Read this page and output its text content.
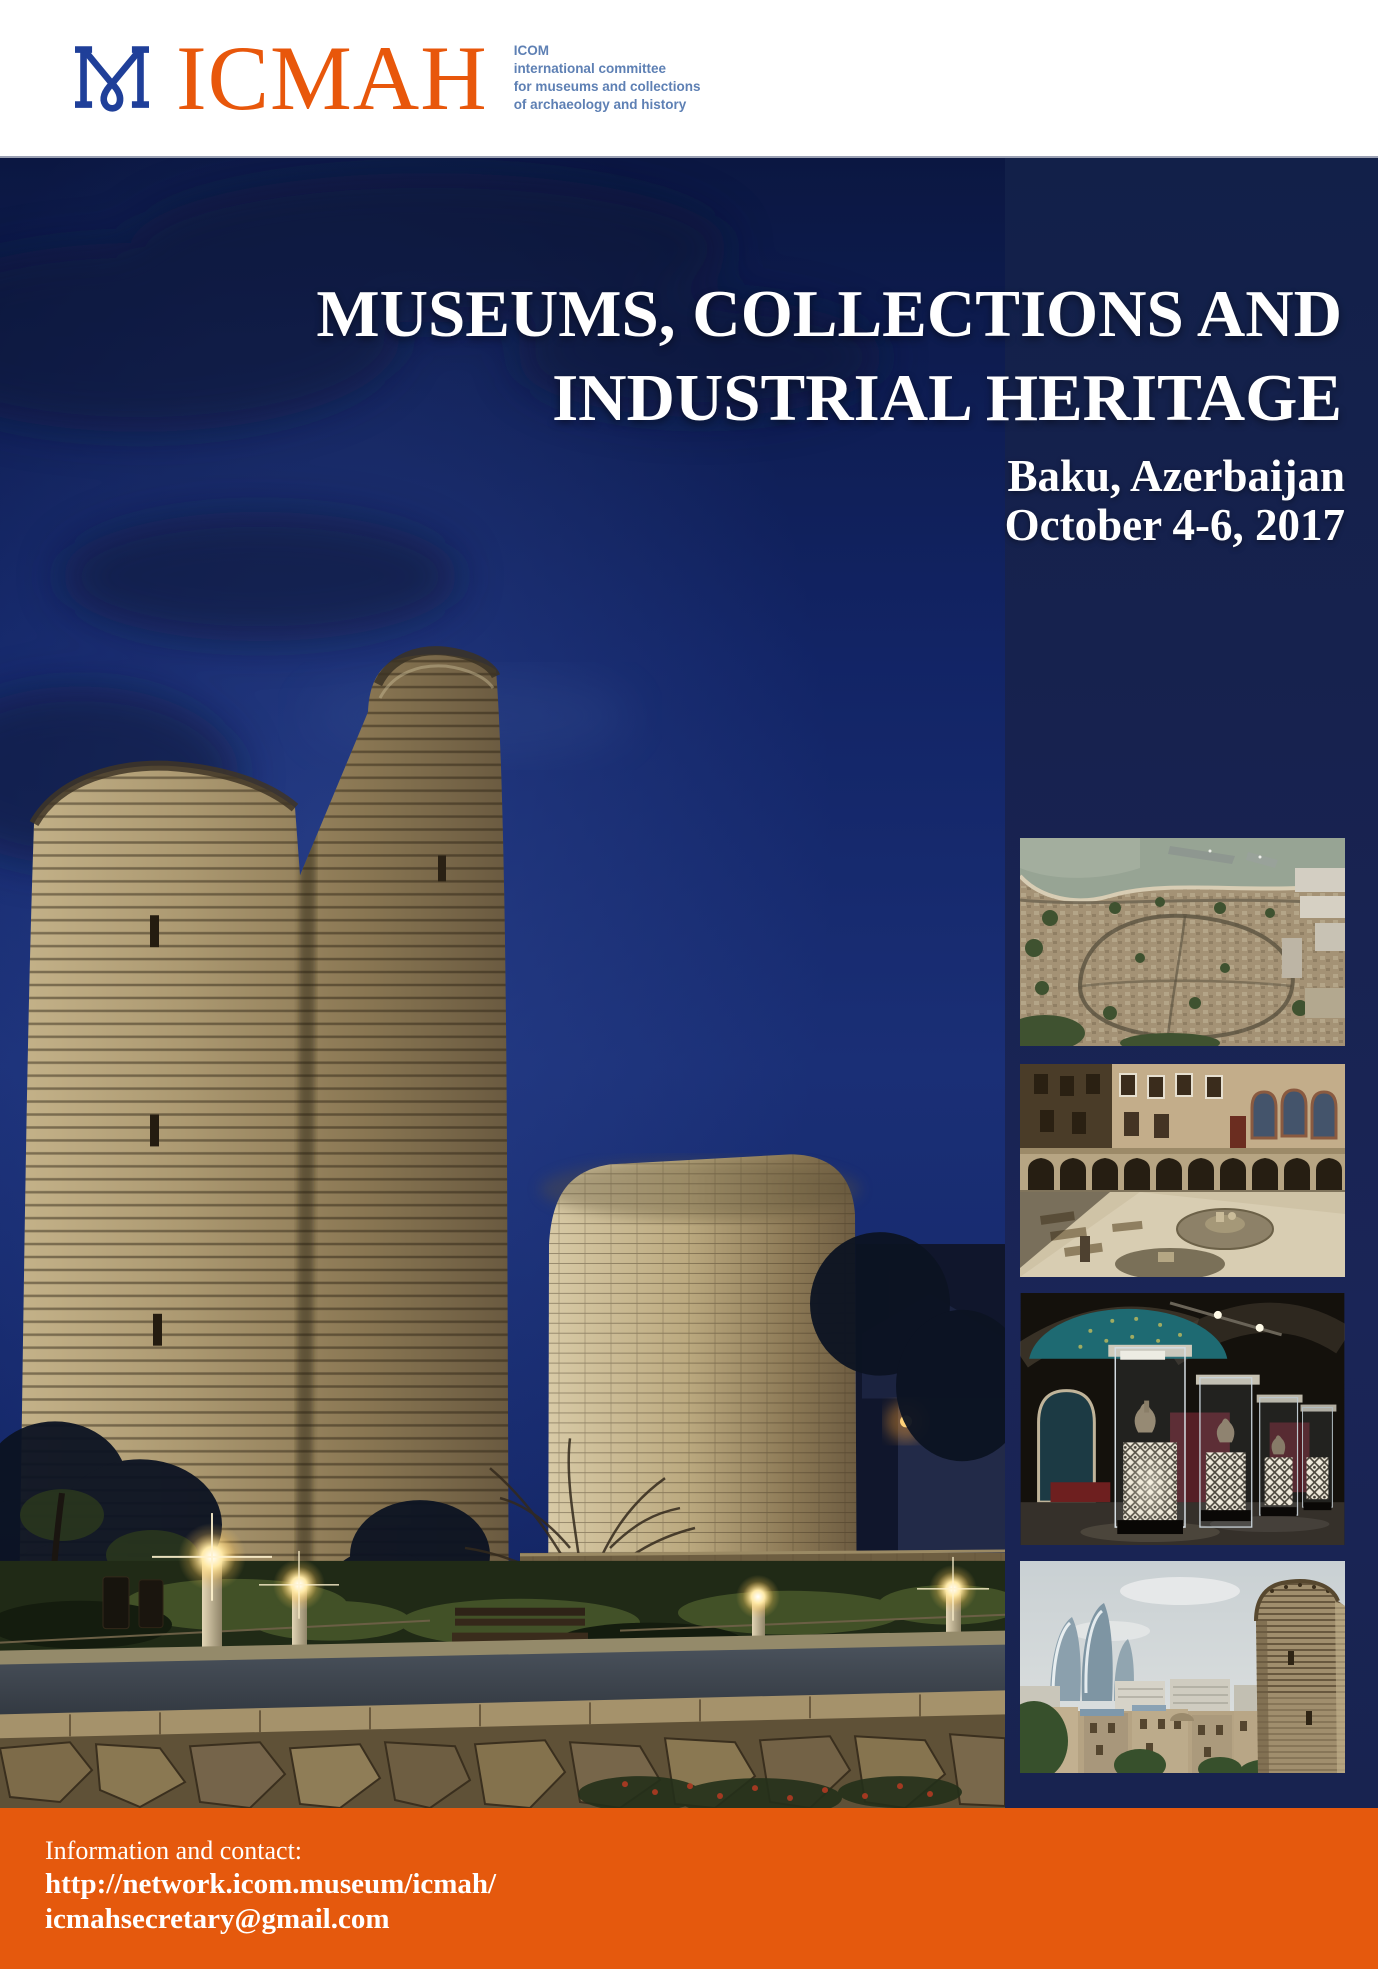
ICMAH ICOM
international committee
for museums and collections
of archaeology and history
MUSEUMS, COLLECTIONS AND
INDUSTRIAL HERITAGE
Baku, Azerbaijan
October 4-6, 2017
Information and contact:
http://network.icom.museum/icmah/
icmahsecretary@gmail.com
